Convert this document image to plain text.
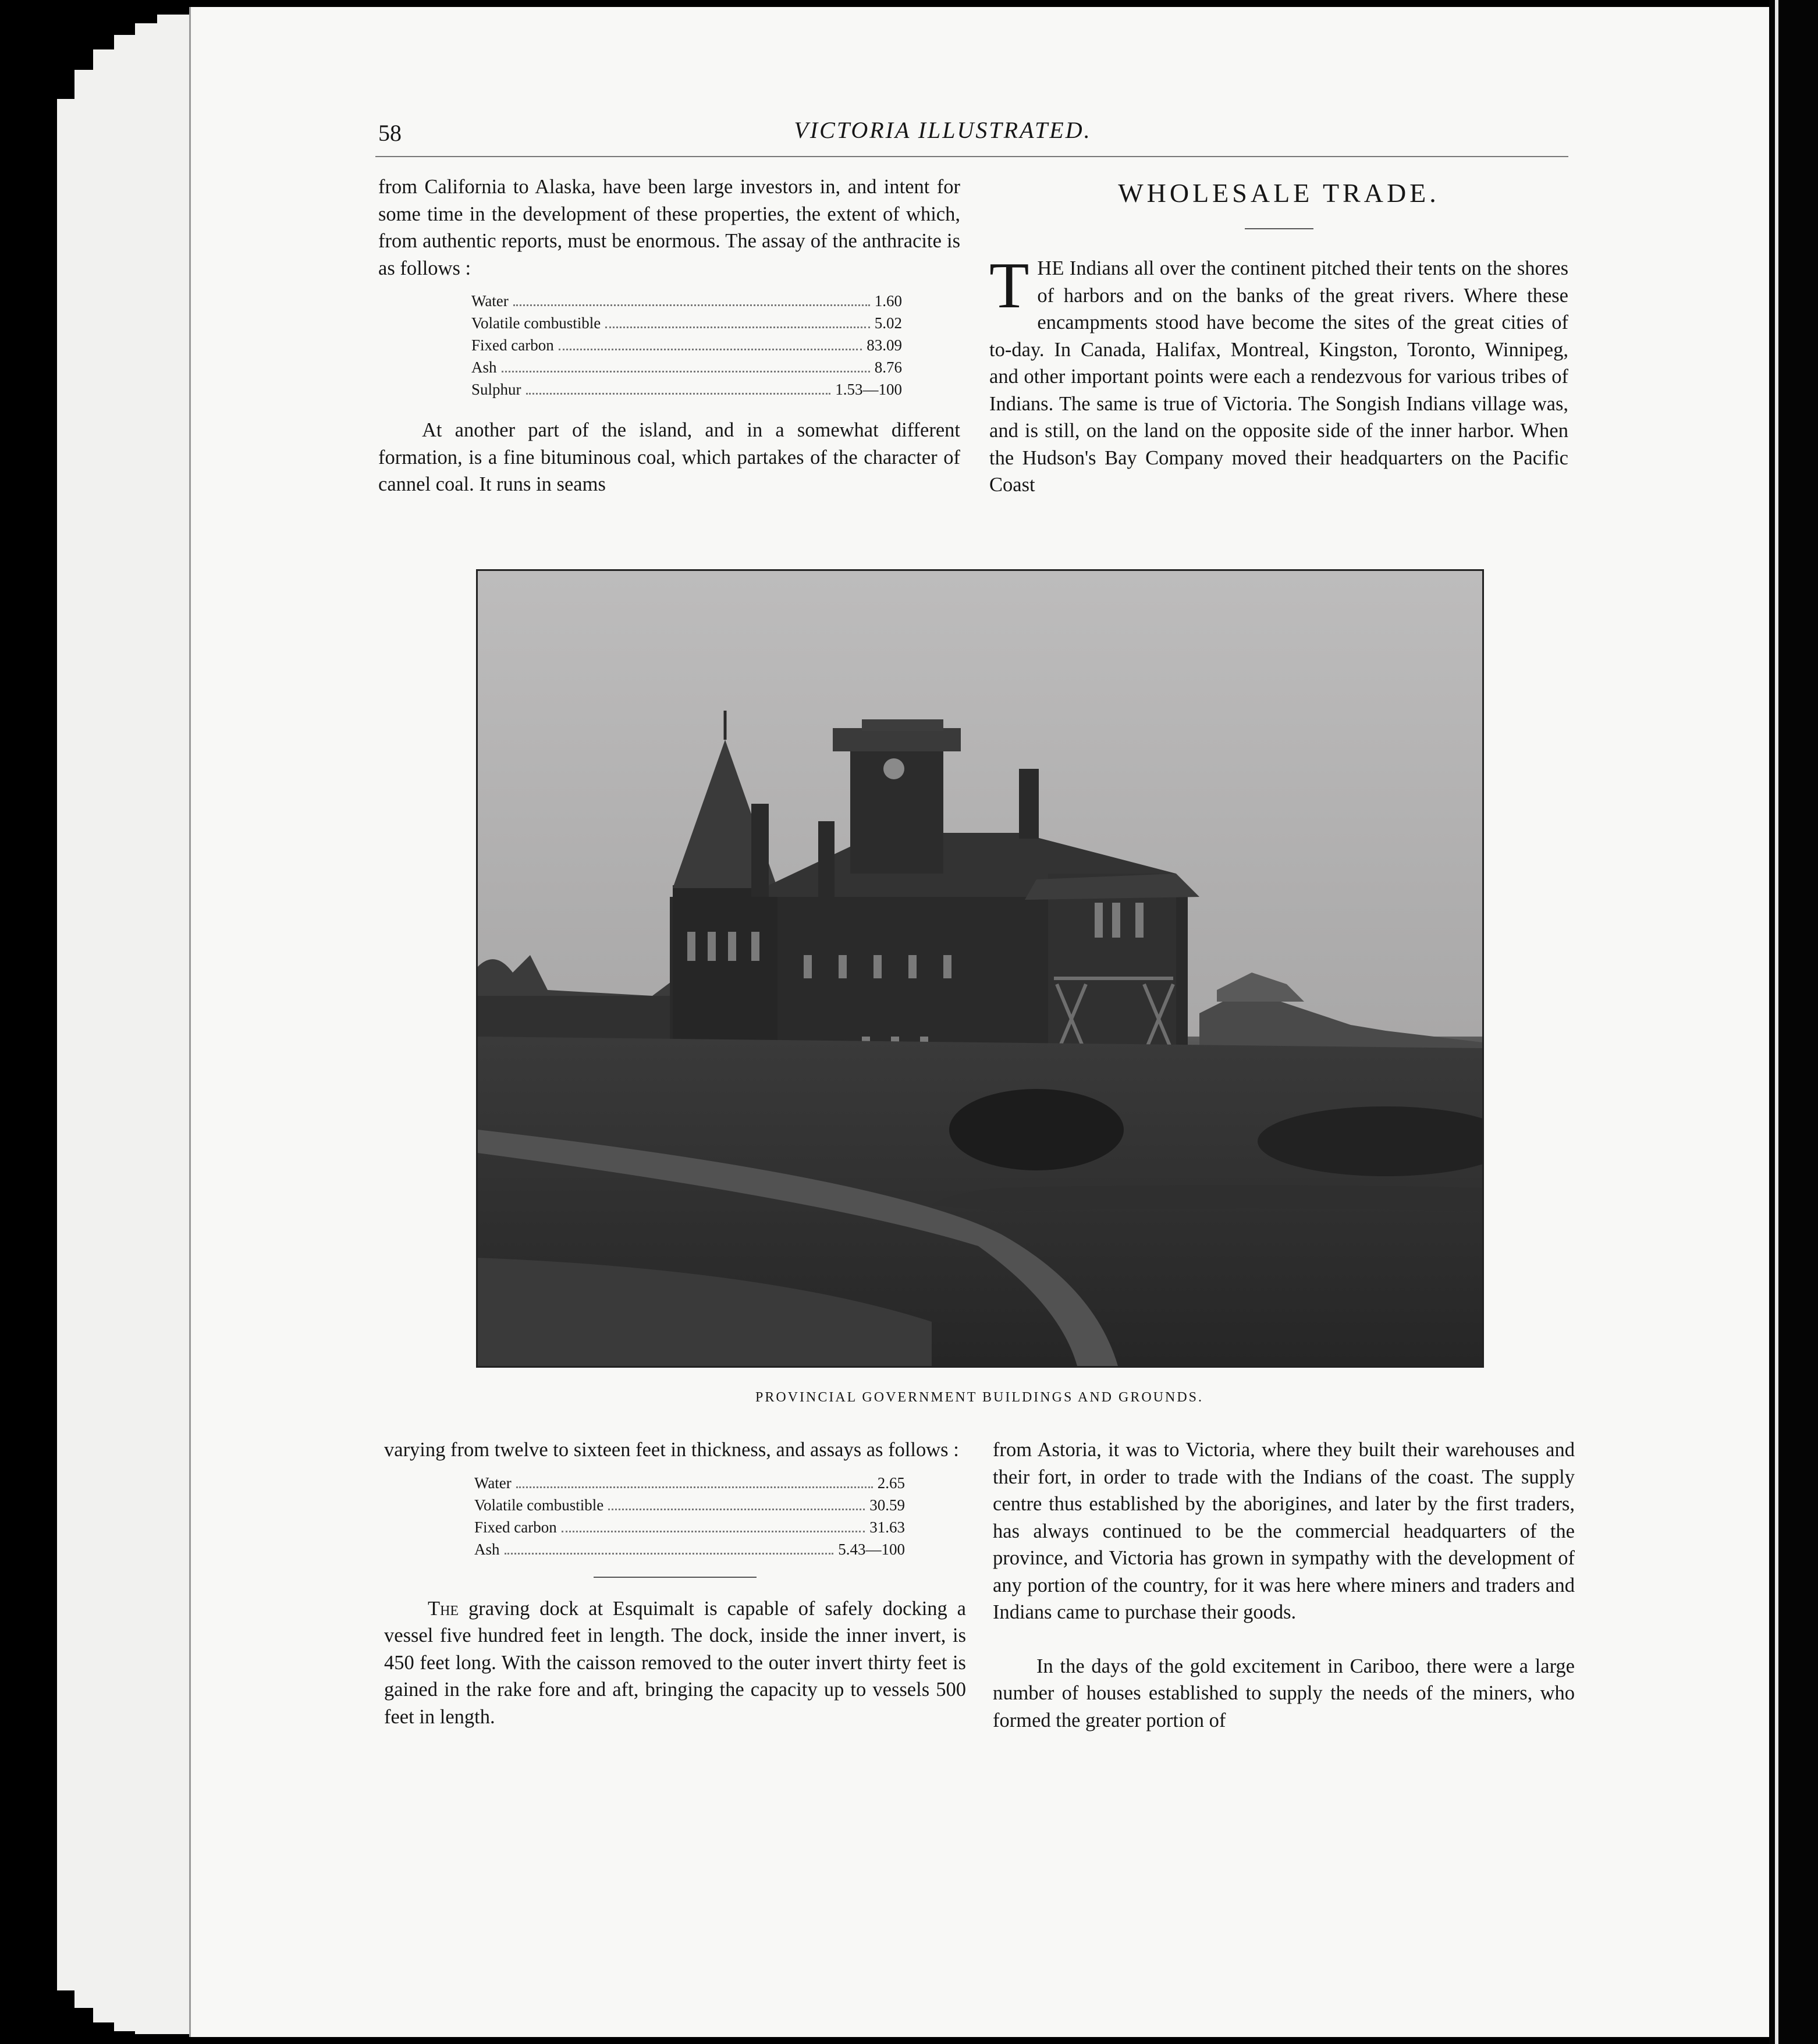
58	VICTORIA ILLUSTRATED.

from California to Alaska, have been large investors in, and intent for some time in the development of these properties, the extent of which, from authentic reports, must be enormous. The assay of the anthracite is as follows :

Water	1.60
Volatile combustible	5.02
Fixed carbon	83.09
Ash	8.76
Sulphur	1.53—100

At another part of the island, and in a somewhat different formation, is a fine bituminous coal, which partakes of the character of cannel coal. It runs in seams

WHOLESALE TRADE.

THE Indians all over the continent pitched their tents on the shores of harbors and on the banks of the great rivers. Where these encampments stood have become the sites of the great cities of to-day. In Canada, Halifax, Montreal, Kingston, Toronto, Winnipeg, and other important points were each a rendezvous for various tribes of Indians. The same is true of Victoria. The Songish Indians village was, and is still, on the land on the opposite side of the inner harbor. When the Hudson's Bay Company moved their headquarters on the Pacific Coast

PROVINCIAL GOVERNMENT BUILDINGS AND GROUNDS.

varying from twelve to sixteen feet in thickness, and assays as follows :

Water	2.65
Volatile combustible	30.59
Fixed carbon	31.63
Ash	5.43—100

The graving dock at Esquimalt is capable of safely docking a vessel five hundred feet in length. The dock, inside the inner invert, is 450 feet long. With the caisson removed to the outer invert thirty feet is gained in the rake fore and aft, bringing the capacity up to vessels 500 feet in length.

from Astoria, it was to Victoria, where they built their warehouses and their fort, in order to trade with the Indians of the coast. The supply centre thus established by the aborigines, and later by the first traders, has always continued to be the commercial headquarters of the province, and Victoria has grown in sympathy with the development of any portion of the country, for it was here where miners and traders and Indians came to purchase their goods.

In the days of the gold excitement in Cariboo, there were a large number of houses established to supply the needs of the miners, who formed the greater portion of
